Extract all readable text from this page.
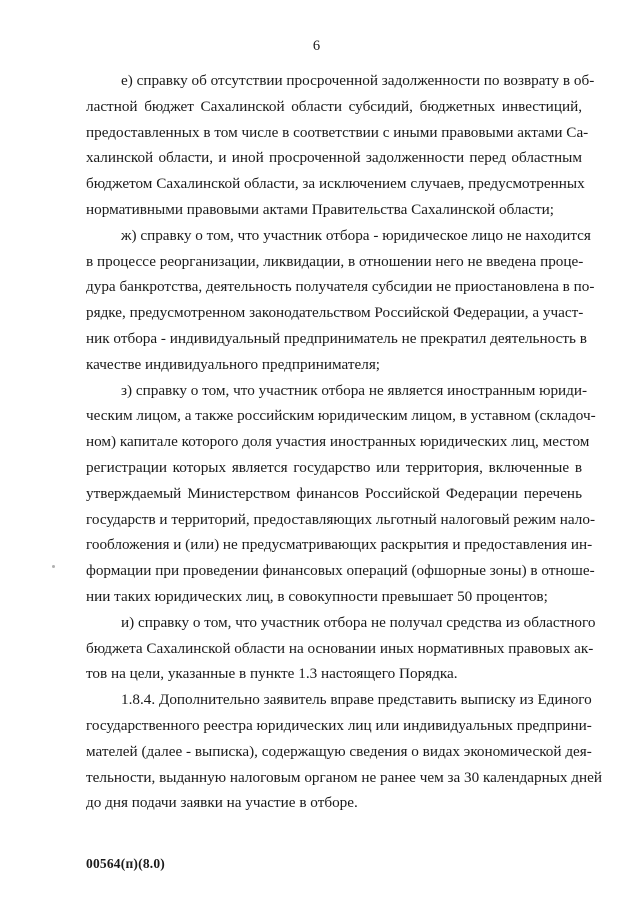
6
е) справку об отсутствии просроченной задолженности по возврату в об-
ластной бюджет Сахалинской области субсидий, бюджетных инвестиций,
предоставленных в том числе в соответствии с иными правовыми актами Са-
халинской области, и иной просроченной задолженности перед областным
бюджетом Сахалинской области, за исключением случаев, предусмотренных
нормативными правовыми актами Правительства Сахалинской области;
ж) справку о том, что участник отбора - юридическое лицо не находится
в процессе реорганизации, ликвидации, в отношении него не введена проце-
дура банкротства, деятельность получателя субсидии не приостановлена в по-
рядке, предусмотренном законодательством Российской Федерации, а участ-
ник отбора - индивидуальный предприниматель не прекратил деятельность в
качестве индивидуального предпринимателя;
з) справку о том, что участник отбора не является иностранным юриди-
ческим лицом, а также российским юридическим лицом, в уставном (складоч-
ном) капитале которого доля участия иностранных юридических лиц, местом
регистрации которых является государство или территория, включенные в
утверждаемый Министерством финансов Российской Федерации перечень
государств и территорий, предоставляющих льготный налоговый режим нало-
гообложения и (или) не предусматривающих раскрытия и предоставления ин-
формации при проведении финансовых операций (офшорные зоны) в отноше-
нии таких юридических лиц, в совокупности превышает 50 процентов;
и) справку о том, что участник отбора не получал средства из областного
бюджета Сахалинской области на основании иных нормативных правовых ак-
тов на цели, указанные в пункте 1.3 настоящего Порядка.
1.8.4. Дополнительно заявитель вправе представить выписку из Единого
государственного реестра юридических лиц или индивидуальных предприни-
мателей (далее - выписка), содержащую сведения о видах экономической дея-
тельности, выданную налоговым органом не ранее чем за 30 календарных дней
до дня подачи заявки на участие в отборе.
00564(п)(8.0)
